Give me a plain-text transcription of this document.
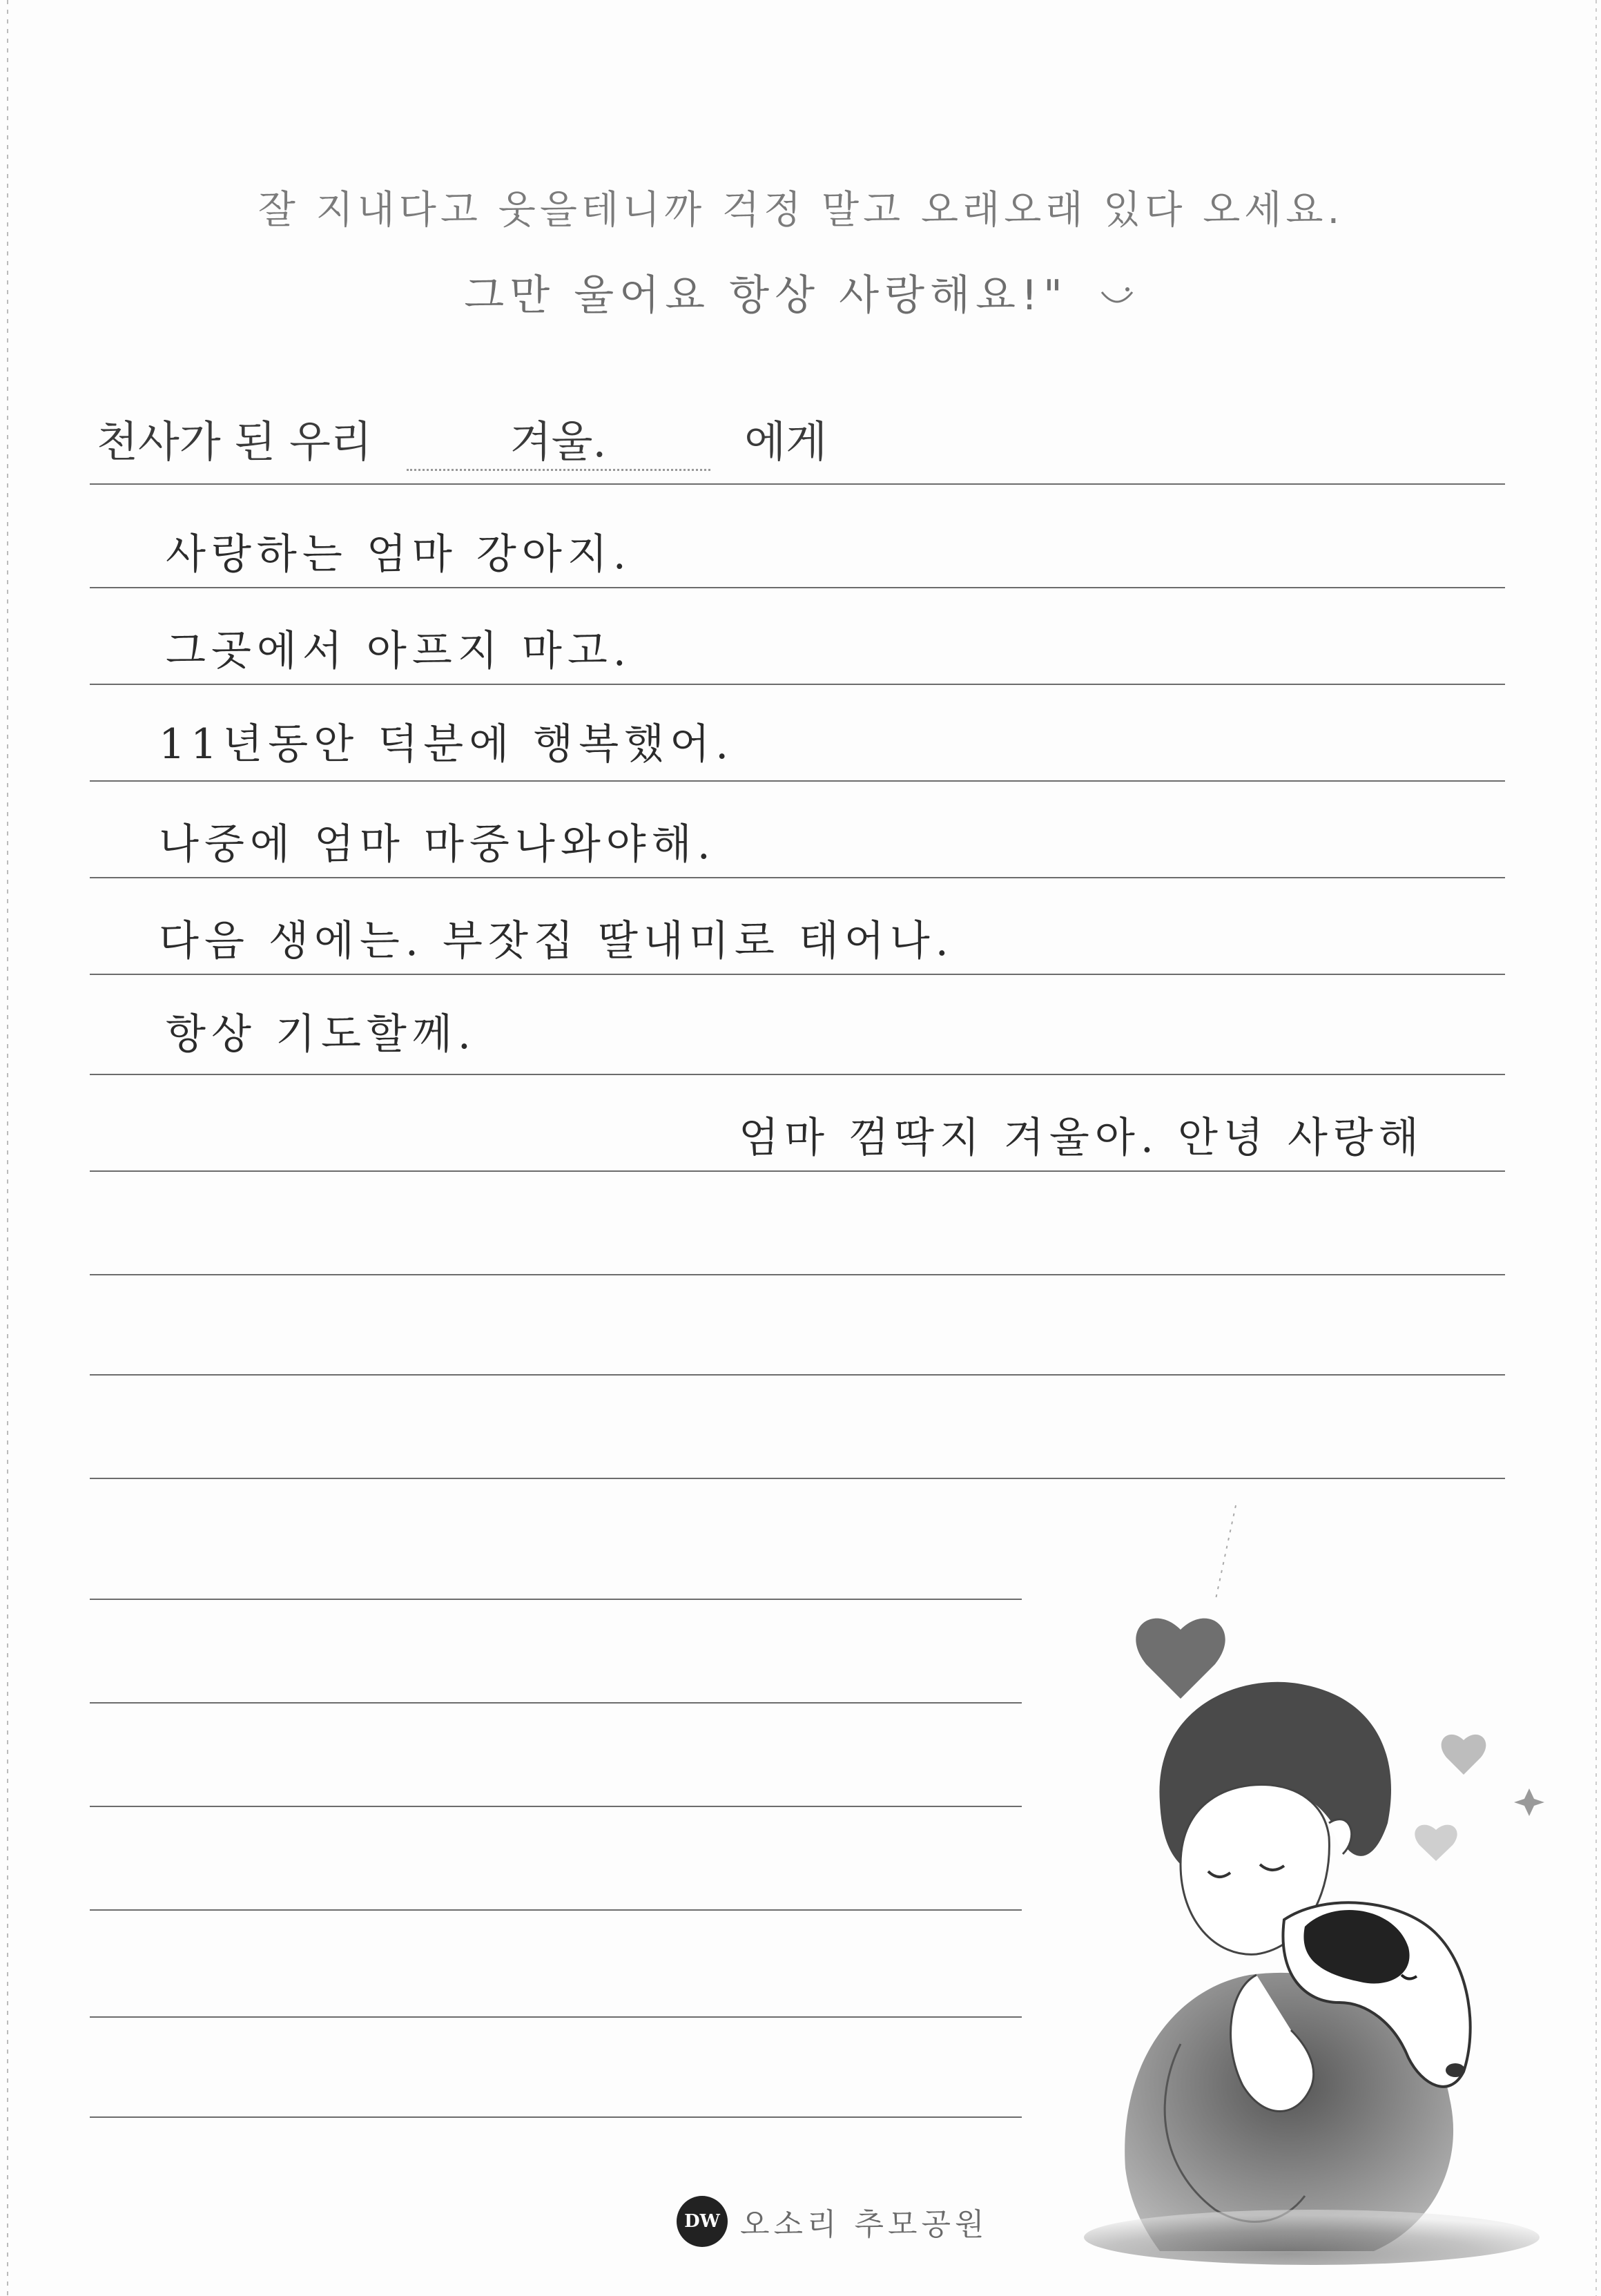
잘 지내다고 웃을테니까 걱정 말고 오래오래 있다 오세요.
그만 울어요 항상 사랑해요!"
천사가 된 우리	겨울.	에게
사랑하는 엄마 강아지.
그곳에서 아프지 마고.
11년동안 덕분에 행복했어.
나중에 엄마 마중나와야해.
다음 생에는. 부잣집 딸내미로 태어나.
항상 기도할께.
엄마 껌딱지 겨울아. 안녕 사랑해
DW 오소리 추모공원
